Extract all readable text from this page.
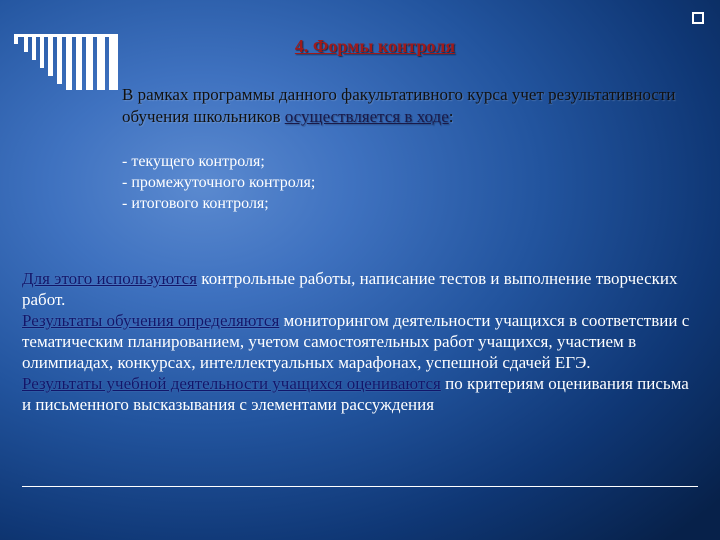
4. Формы контроля
В рамках программы данного факультативного курса учет результативности обучения школьников осуществляется в ходе:
- текущего контроля;
- промежуточного контроля;
- итогового контроля;

Для этого используются контрольные работы, написание тестов и выполнение творческих работ.

Результаты обучения определяются мониторингом деятельности учащихся в соответствии с тематическим планированием, учетом самостоятельных работ учащихся, участием в олимпиадах, конкурсах, интеллектуальных марафонах, успешной сдачей ЕГЭ.

Результаты учебной деятельности учащихся оцениваются по критериям оценивания письма и письменного высказывания с элементами рассуждения
